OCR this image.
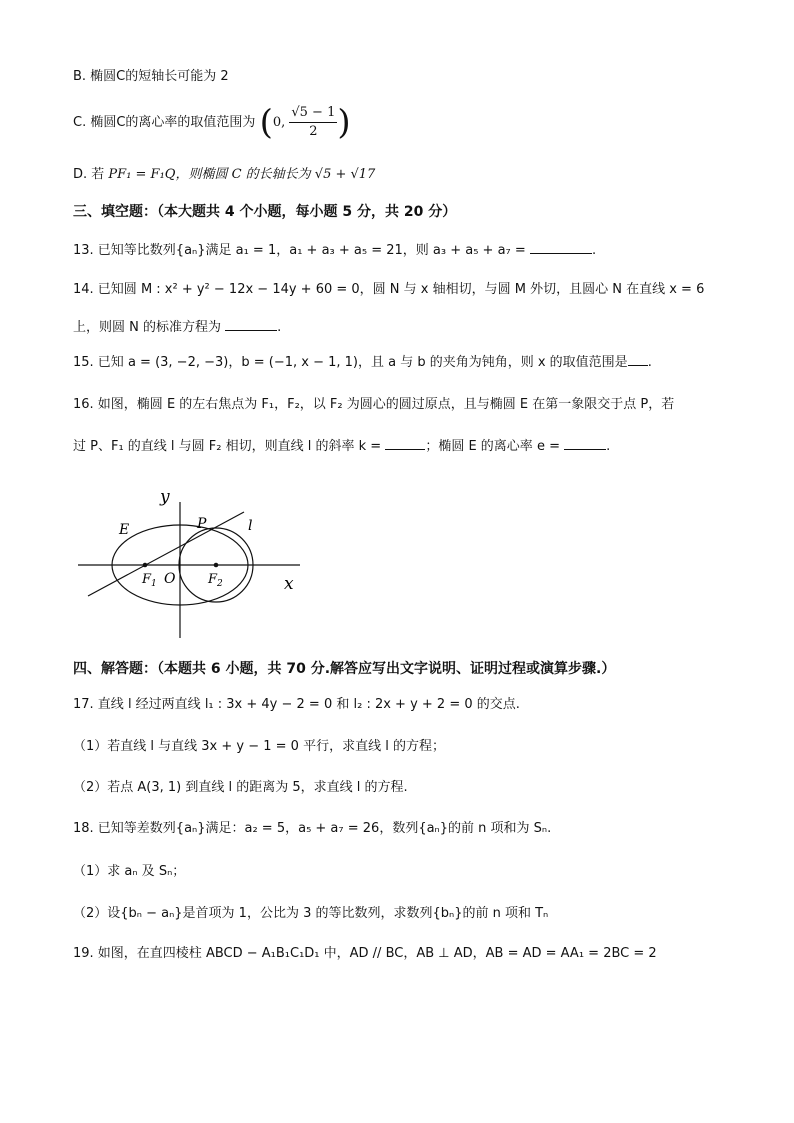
B. 椭圆C的短轴长可能为 2
C. 椭圆C的离心率的取值范围为 (0, $\frac{√5 - 1}{2}$ )
D. 若 PF₁ = F₁Q，则椭圆 C 的长轴长为 √5 + √17
三、填空题：（本大题共 4 个小题，每小题 5 分，共 20 分）
13. 已知等比数列{aₙ}满足 a₁ = 1，a₁ + a₃ + a₅ = 21，则 a₃ + a₅ + a₇ =	.
14. 已知圆 M : x² + y² − 12x − 14y + 60 = 0，圆 N 与 x 轴相切，与圆 M 外切，且圆心 N 在直线 x = 6
上，则圆 N 的标准方程为	.
15. 已知 a = (3, −2, −3)，b = (−1, x − 1, 1)，且 a 与 b 的夹角为钝角，则 x 的取值范围是 .
16. 如图，椭圆 E 的左右焦点为 F₁，F₂，以 F₂ 为圆心的圆过原点，且与椭圆 E 在第一象限交于点 P，若
过 P、F₁ 的直线 l 与圆 F₂ 相切，则直线 l 的斜率 k =	；椭圆 E 的离心率 e =	.
y
x
E	P	l
O
F 1	F 2
四、解答题：（本题共 6 小题，共 70 分.解答应写出文字说明、证明过程或演算步骤.）
17. 直线 l 经过两直线 l₁ : 3x + 4y − 2 = 0 和 l₂ : 2x + y + 2 = 0 的交点.
（1）若直线 l 与直线 3x + y − 1 = 0 平行，求直线 l 的方程；
（2）若点 A(3, 1) 到直线 l 的距离为 5，求直线 l 的方程.
18. 已知等差数列{aₙ}满足：a₂ = 5，a₅ + a₇ = 26，数列{aₙ}的前 n 项和为 Sₙ.
（1）求 aₙ 及 Sₙ；
（2）设{bₙ − aₙ}是首项为 1，公比为 3 的等比数列，求数列{bₙ}的前 n 项和 Tₙ
19. 如图，在直四棱柱 ABCD − A₁B₁C₁D₁ 中，AD // BC，AB ⊥ AD，AB = AD = AA₁ = 2BC = 2
